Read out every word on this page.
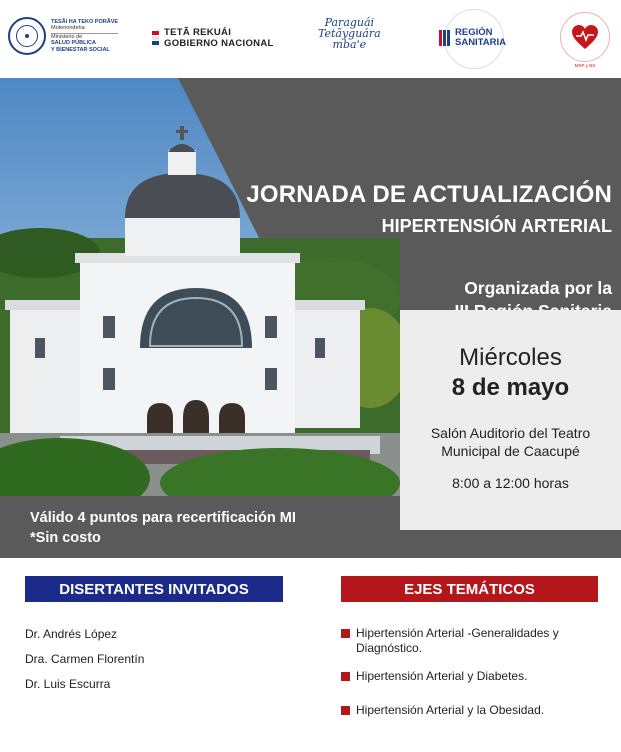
TESÃI HA TEKO PORÃVE
Motenondeha
Ministerio de
SALUD PÚBLICA
Y BIENESTAR SOCIAL
TETÃ REKUÁI
GOBIERNO NACIONAL
Paraguái
Tetãyguára
mba'e
REGIÓN
SANITARIA
MSP y BS
JORNADA DE ACTUALIZACIÓN
HIPERTENSIÓN ARTERIAL
Organizada por la
Miércoles
8 de mayo
Salón Auditorio del Teatro
Municipal de Caacupé
8:00 a 12:00 horas
Válido 4 puntos para recertificación MI
*Sin costo
DISERTANTES INVITADOS
Dr. Andrés López
Dra. Carmen Florentín
Dr. Luis Escurra
EJES TEMÁTICOS
Hipertensión Arterial -Generalidades y Diagnóstico.
Hipertensión Arterial y Diabetes.
Hipertensión Arterial y la Obesidad.
